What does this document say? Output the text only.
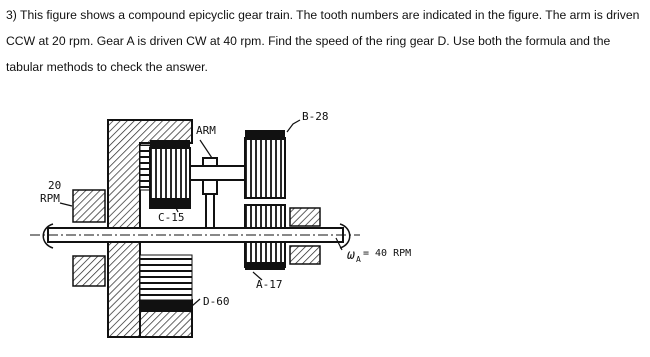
3) This figure shows a compound epicyclic gear train. The tooth numbers are indicated in the figure. The arm is driven CCW at 20 rpm. Gear A is driven CW at 40 rpm. Find the speed of the ring gear D. Use both the formula and the tabular methods to check the answer.
ARM
B-28
C-15
A-17
D-60
20
RPM
ω A
= 40 RPM
